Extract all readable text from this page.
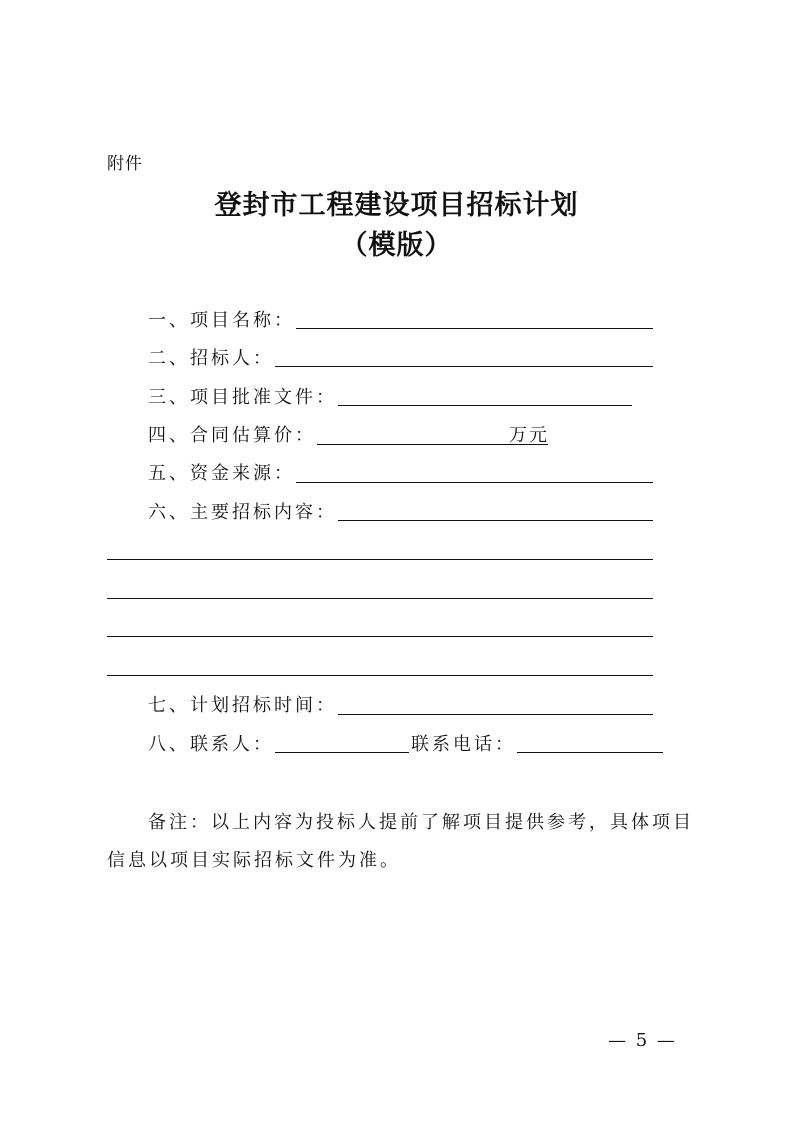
附件
登封市工程建设项目招标计划
（模版）
一、项目名称：
二、招标人：
三、项目批准文件：
四、合同估算价：	万元
五、资金来源：
六、主要招标内容：
七、计划招标时间：
八、联系人：	联系电话：
备注：以上内容为投标人提前了解项目提供参考，具体项目
信息以项目实际招标文件为准。
— 5 —
